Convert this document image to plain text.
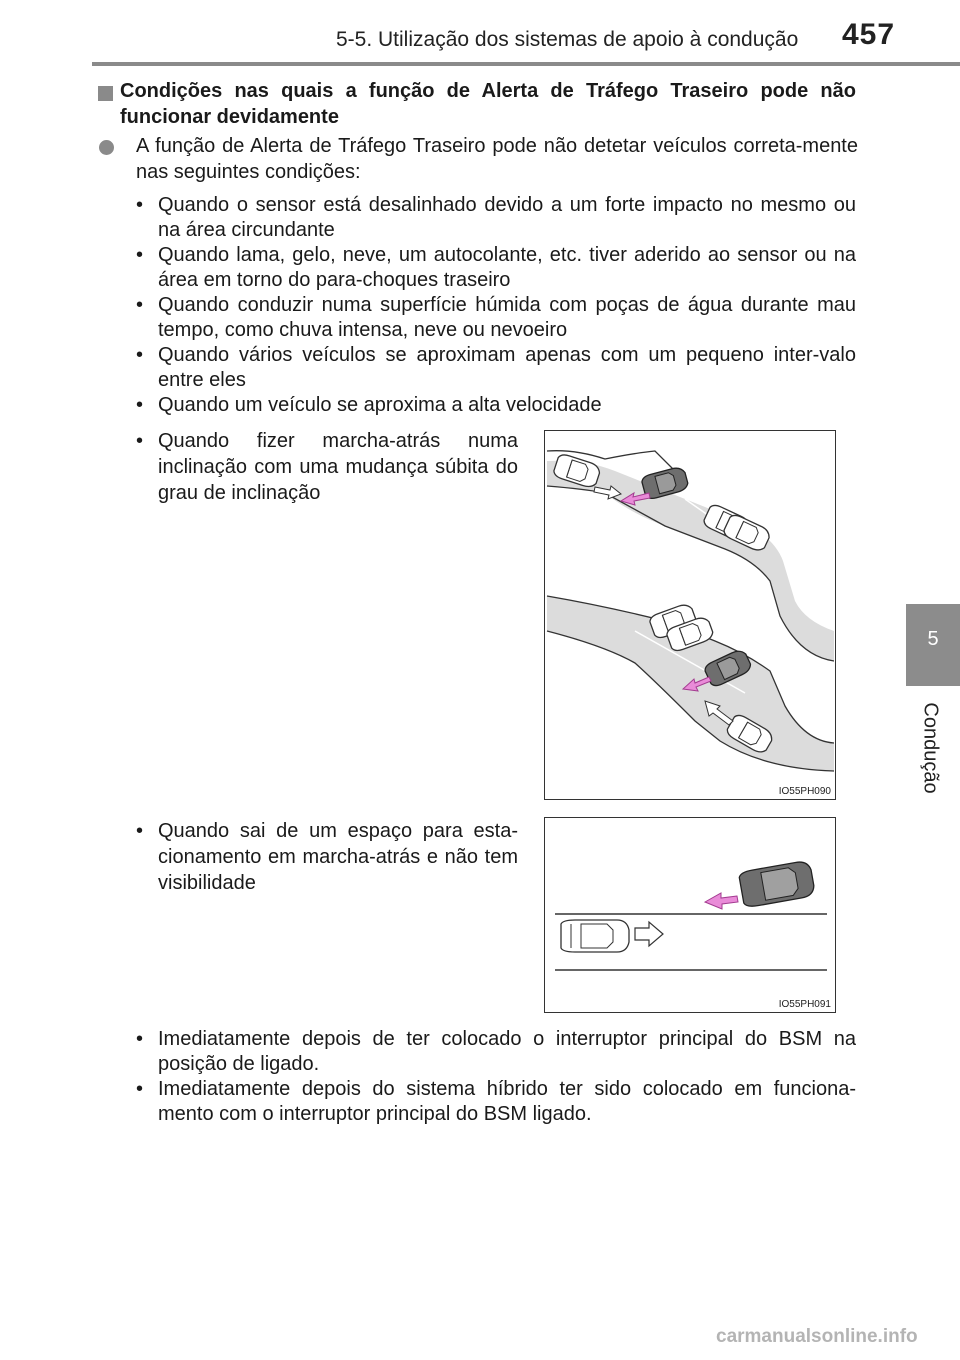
5-5. Utilização dos sistemas de apoio à condução 457
5
Condução
Condições nas quais a função de Alerta de Tráfego Traseiro pode não funcionar devidamente
A função de Alerta de Tráfego Traseiro pode não detetar veículos correta-mente nas seguintes condições:
• Quando o sensor está desalinhado devido a um forte impacto no mesmo ou na área circundante
• Quando lama, gelo, neve, um autocolante, etc. tiver aderido ao sensor ou na área em torno do para-choques traseiro
• Quando conduzir numa superfície húmida com poças de água durante mau tempo, como chuva intensa, neve ou nevoeiro
• Quando vários veículos se aproximam apenas com um pequeno inter-valo entre eles
• Quando um veículo se aproxima a alta velocidade
• Quando fizer marcha-atrás numa inclinação com uma mudança súbita do grau de inclinação
IO55PH090
• Quando sai de um espaço para esta-cionamento em marcha-atrás e não tem visibilidade
IO55PH091
• Imediatamente depois de ter colocado o interruptor principal do BSM na posição de ligado.
• Imediatamente depois do sistema híbrido ter sido colocado em funciona-mento com o interruptor principal do BSM ligado.
carmanualsonline.info
